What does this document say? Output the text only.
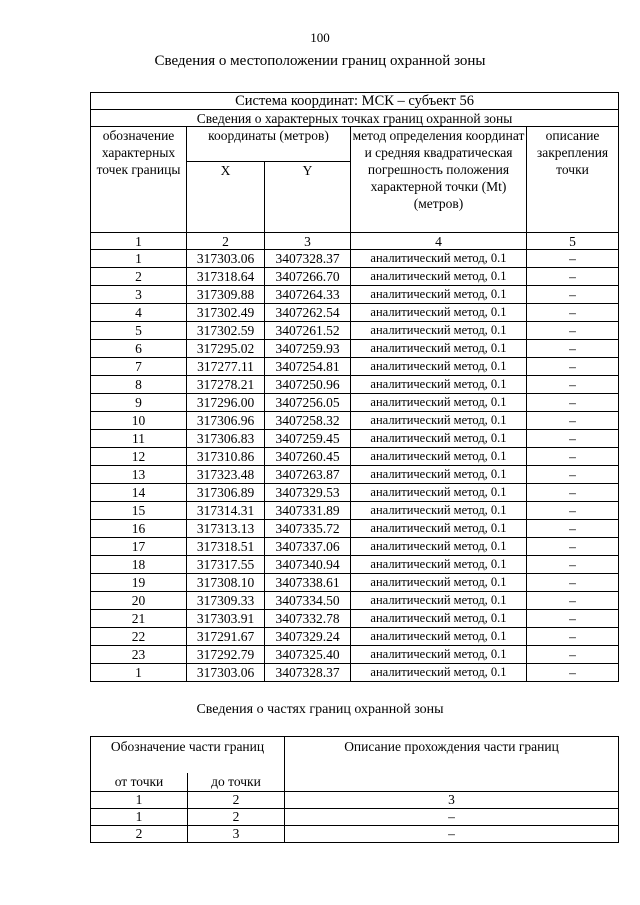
100
Сведения о местоположении границ охранной зоны
Система координат: МСК – субъект 56				
Сведения о характерных точках границ охранной зоны				
обозначение характерных точек границы	координаты (метров)		метод определения координат и средняя квадратическая погрешность положения характерной точки (Mt) (метров)	описание закрепления точки
	X	Y		
1	2	3	4	5
1	317303.06	3407328.37	аналитический метод, 0.1	–
2	317318.64	3407266.70	аналитический метод, 0.1	–
3	317309.88	3407264.33	аналитический метод, 0.1	–
4	317302.49	3407262.54	аналитический метод, 0.1	–
5	317302.59	3407261.52	аналитический метод, 0.1	–
6	317295.02	3407259.93	аналитический метод, 0.1	–
7	317277.11	3407254.81	аналитический метод, 0.1	–
8	317278.21	3407250.96	аналитический метод, 0.1	–
9	317296.00	3407256.05	аналитический метод, 0.1	–
10	317306.96	3407258.32	аналитический метод, 0.1	–
11	317306.83	3407259.45	аналитический метод, 0.1	–
12	317310.86	3407260.45	аналитический метод, 0.1	–
13	317323.48	3407263.87	аналитический метод, 0.1	–
14	317306.89	3407329.53	аналитический метод, 0.1	–
15	317314.31	3407331.89	аналитический метод, 0.1	–
16	317313.13	3407335.72	аналитический метод, 0.1	–
17	317318.51	3407337.06	аналитический метод, 0.1	–
18	317317.55	3407340.94	аналитический метод, 0.1	–
19	317308.10	3407338.61	аналитический метод, 0.1	–
20	317309.33	3407334.50	аналитический метод, 0.1	–
21	317303.91	3407332.78	аналитический метод, 0.1	–
22	317291.67	3407329.24	аналитический метод, 0.1	–
23	317292.79	3407325.40	аналитический метод, 0.1	–
1	317303.06	3407328.37	аналитический метод, 0.1	–
Сведения о частях границ охранной зоны
Обозначение части границ		Описание прохождения части границ
от точки	до точки	
1	2	3
1	2	–
2	3	–
